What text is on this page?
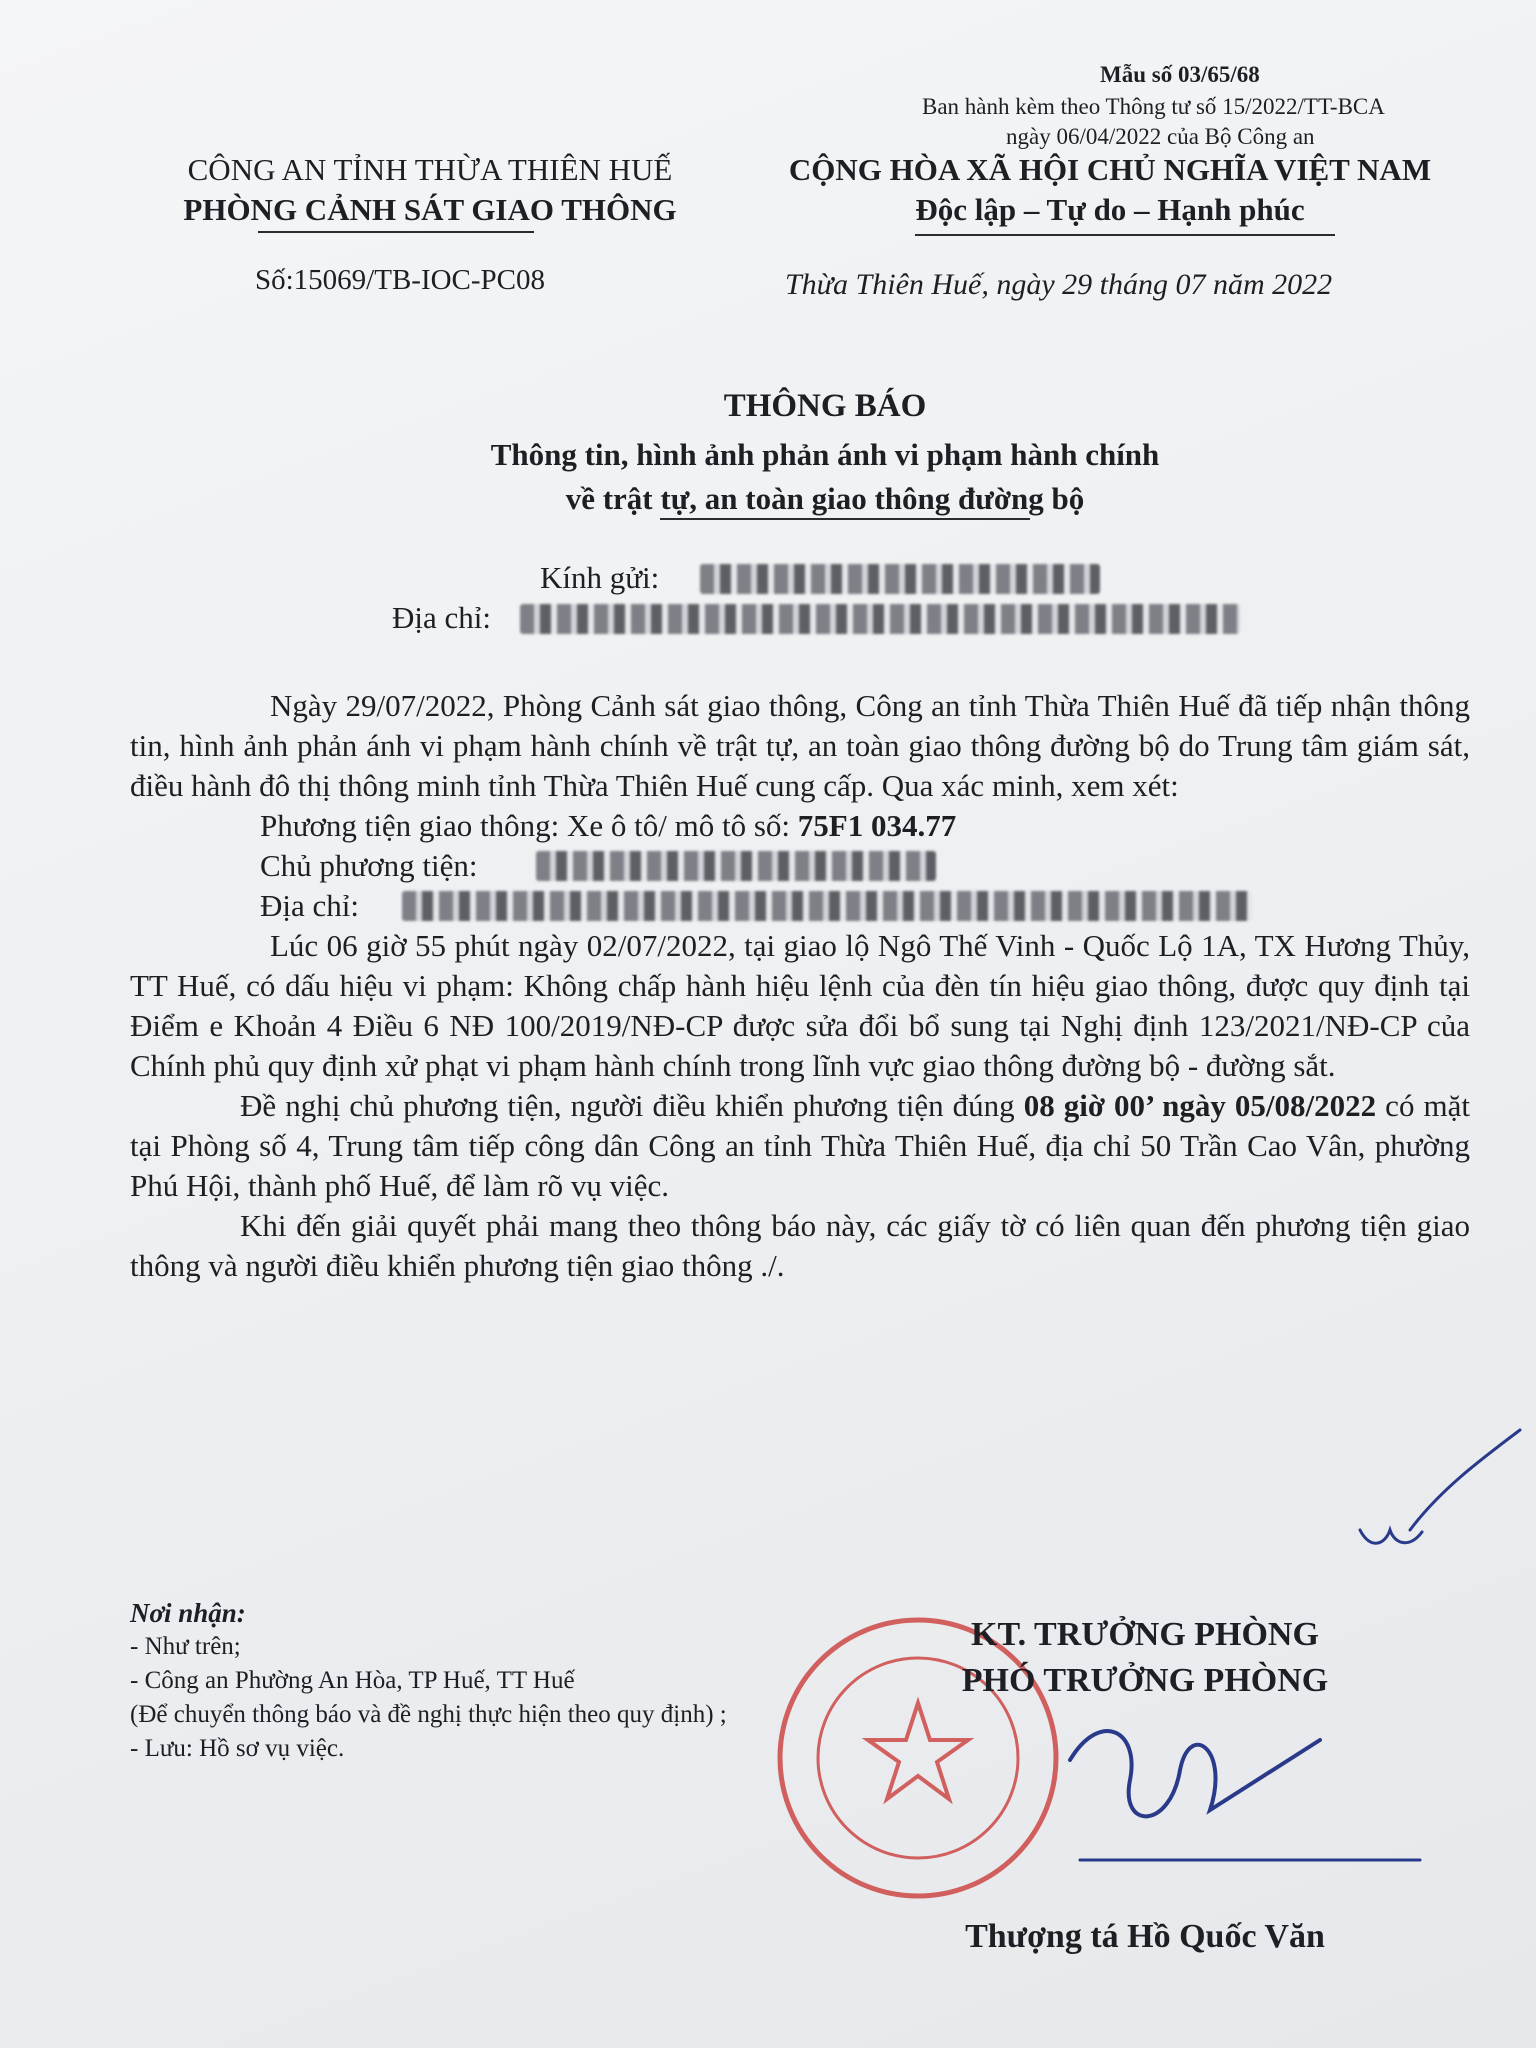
Mẫu số 03/65/68
Ban hành kèm theo Thông tư số 15/2022/TT-BCA
ngày 06/04/2022 của Bộ Công an
CÔNG AN TỈNH THỪA THIÊN HUẾ
PHÒNG CẢNH SÁT GIAO THÔNG
CỘNG HÒA XÃ HỘI CHỦ NGHĨA VIỆT NAM
Độc lập – Tự do – Hạnh phúc
Số:15069/TB-IOC-PC08	Thừa Thiên Huế, ngày 29 tháng 07 năm 2022
THÔNG BÁO
Thông tin, hình ảnh phản ánh vi phạm hành chính
về trật tự, an toàn giao thông đường bộ
Kính gửi:
Địa chỉ:

Ngày 29/07/2022, Phòng Cảnh sát giao thông, Công an tỉnh Thừa Thiên Huế đã tiếp nhận thông tin, hình ảnh phản ánh vi phạm hành chính về trật tự, an toàn giao thông đường bộ do Trung tâm giám sát, điều hành đô thị thông minh tỉnh Thừa Thiên Huế cung cấp. Qua xác minh, xem xét:

Phương tiện giao thông: Xe ô tô/ mô tô số: 75F1 034.77
Chủ phương tiện:
Địa chỉ:

Lúc 06 giờ 55 phút ngày 02/07/2022, tại giao lộ Ngô Thế Vinh - Quốc Lộ 1A, TX Hương Thủy, TT Huế, có dấu hiệu vi phạm: Không chấp hành hiệu lệnh của đèn tín hiệu giao thông, được quy định tại Điểm e Khoản 4 Điều 6 NĐ 100/2019/NĐ-CP được sửa đổi bổ sung tại Nghị định 123/2021/NĐ-CP của Chính phủ quy định xử phạt vi phạm hành chính trong lĩnh vực giao thông đường bộ - đường sắt.

Đề nghị chủ phương tiện, người điều khiển phương tiện đúng 08 giờ 00’ ngày 05/08/2022 có mặt tại Phòng số 4, Trung tâm tiếp công dân Công an tỉnh Thừa Thiên Huế, địa chỉ 50 Trần Cao Vân, phường Phú Hội, thành phố Huế, để làm rõ vụ việc.

Khi đến giải quyết phải mang theo thông báo này, các giấy tờ có liên quan đến phương tiện giao thông và người điều khiển phương tiện giao thông ./.

Nơi nhận:
- Như trên;
- Công an Phường An Hòa, TP Huế, TT Huế
(Để chuyển thông báo và đề nghị thực hiện theo quy định) ;
- Lưu: Hồ sơ vụ việc.
KT. TRƯỞNG PHÒNG
PHÓ TRƯỞNG PHÒNG
Thượng tá Hồ Quốc Văn
